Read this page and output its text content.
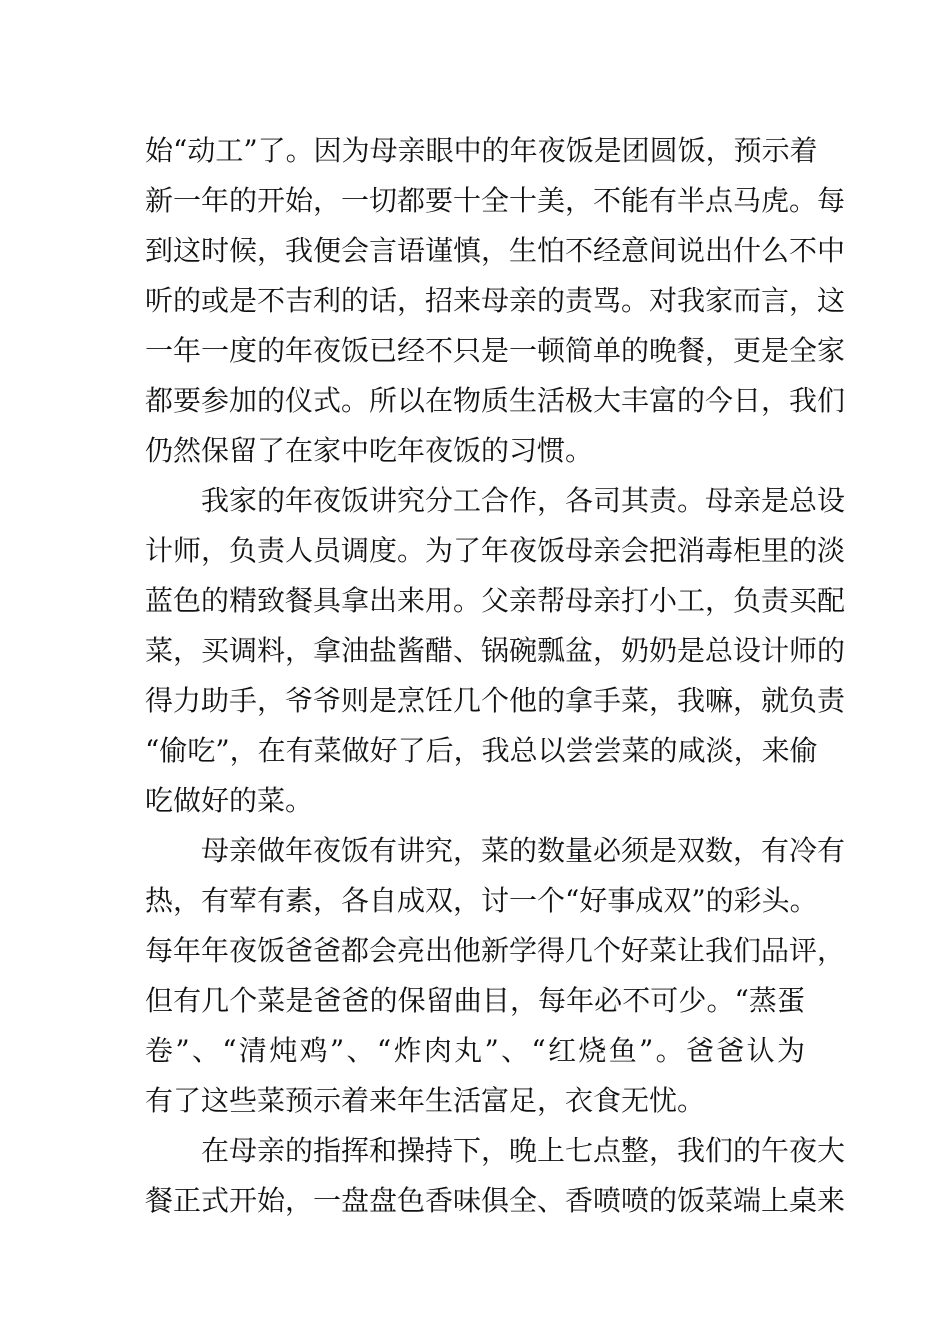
始“动工”了。因为母亲眼中的年夜饭是团圆饭，预示着
新一年的开始，一切都要十全十美，不能有半点马虎。每
到这时候，我便会言语谨慎，生怕不经意间说出什么不中
听的或是不吉利的话，招来母亲的责骂。对我家而言，这
一年一度的年夜饭已经不只是一顿简单的晚餐，更是全家
都要参加的仪式。所以在物质生活极大丰富的今日，我们
仍然保留了在家中吃年夜饭的习惯。
我家的年夜饭讲究分工合作，各司其责。母亲是总设
计师，负责人员调度。为了年夜饭母亲会把消毒柜里的淡
蓝色的精致餐具拿出来用。父亲帮母亲打小工，负责买配
菜，买调料，拿油盐酱醋、锅碗瓢盆，奶奶是总设计师的
得力助手，爷爷则是烹饪几个他的拿手菜，我嘛，就负责
“偷吃”，在有菜做好了后，我总以尝尝菜的咸淡，来偷
吃做好的菜。
母亲做年夜饭有讲究，菜的数量必须是双数，有冷有
热，有荤有素，各自成双，讨一个“好事成双”的彩头。
每年年夜饭爸爸都会亮出他新学得几个好菜让我们品评，
但有几个菜是爸爸的保留曲目，每年必不可少。“蒸蛋
卷”、“清炖鸡”、“炸肉丸”、“红烧鱼”。爸爸认为
有了这些菜预示着来年生活富足，衣食无忧。
在母亲的指挥和操持下，晚上七点整，我们的午夜大
餐正式开始，一盘盘色香味俱全、香喷喷的饭菜端上桌来
